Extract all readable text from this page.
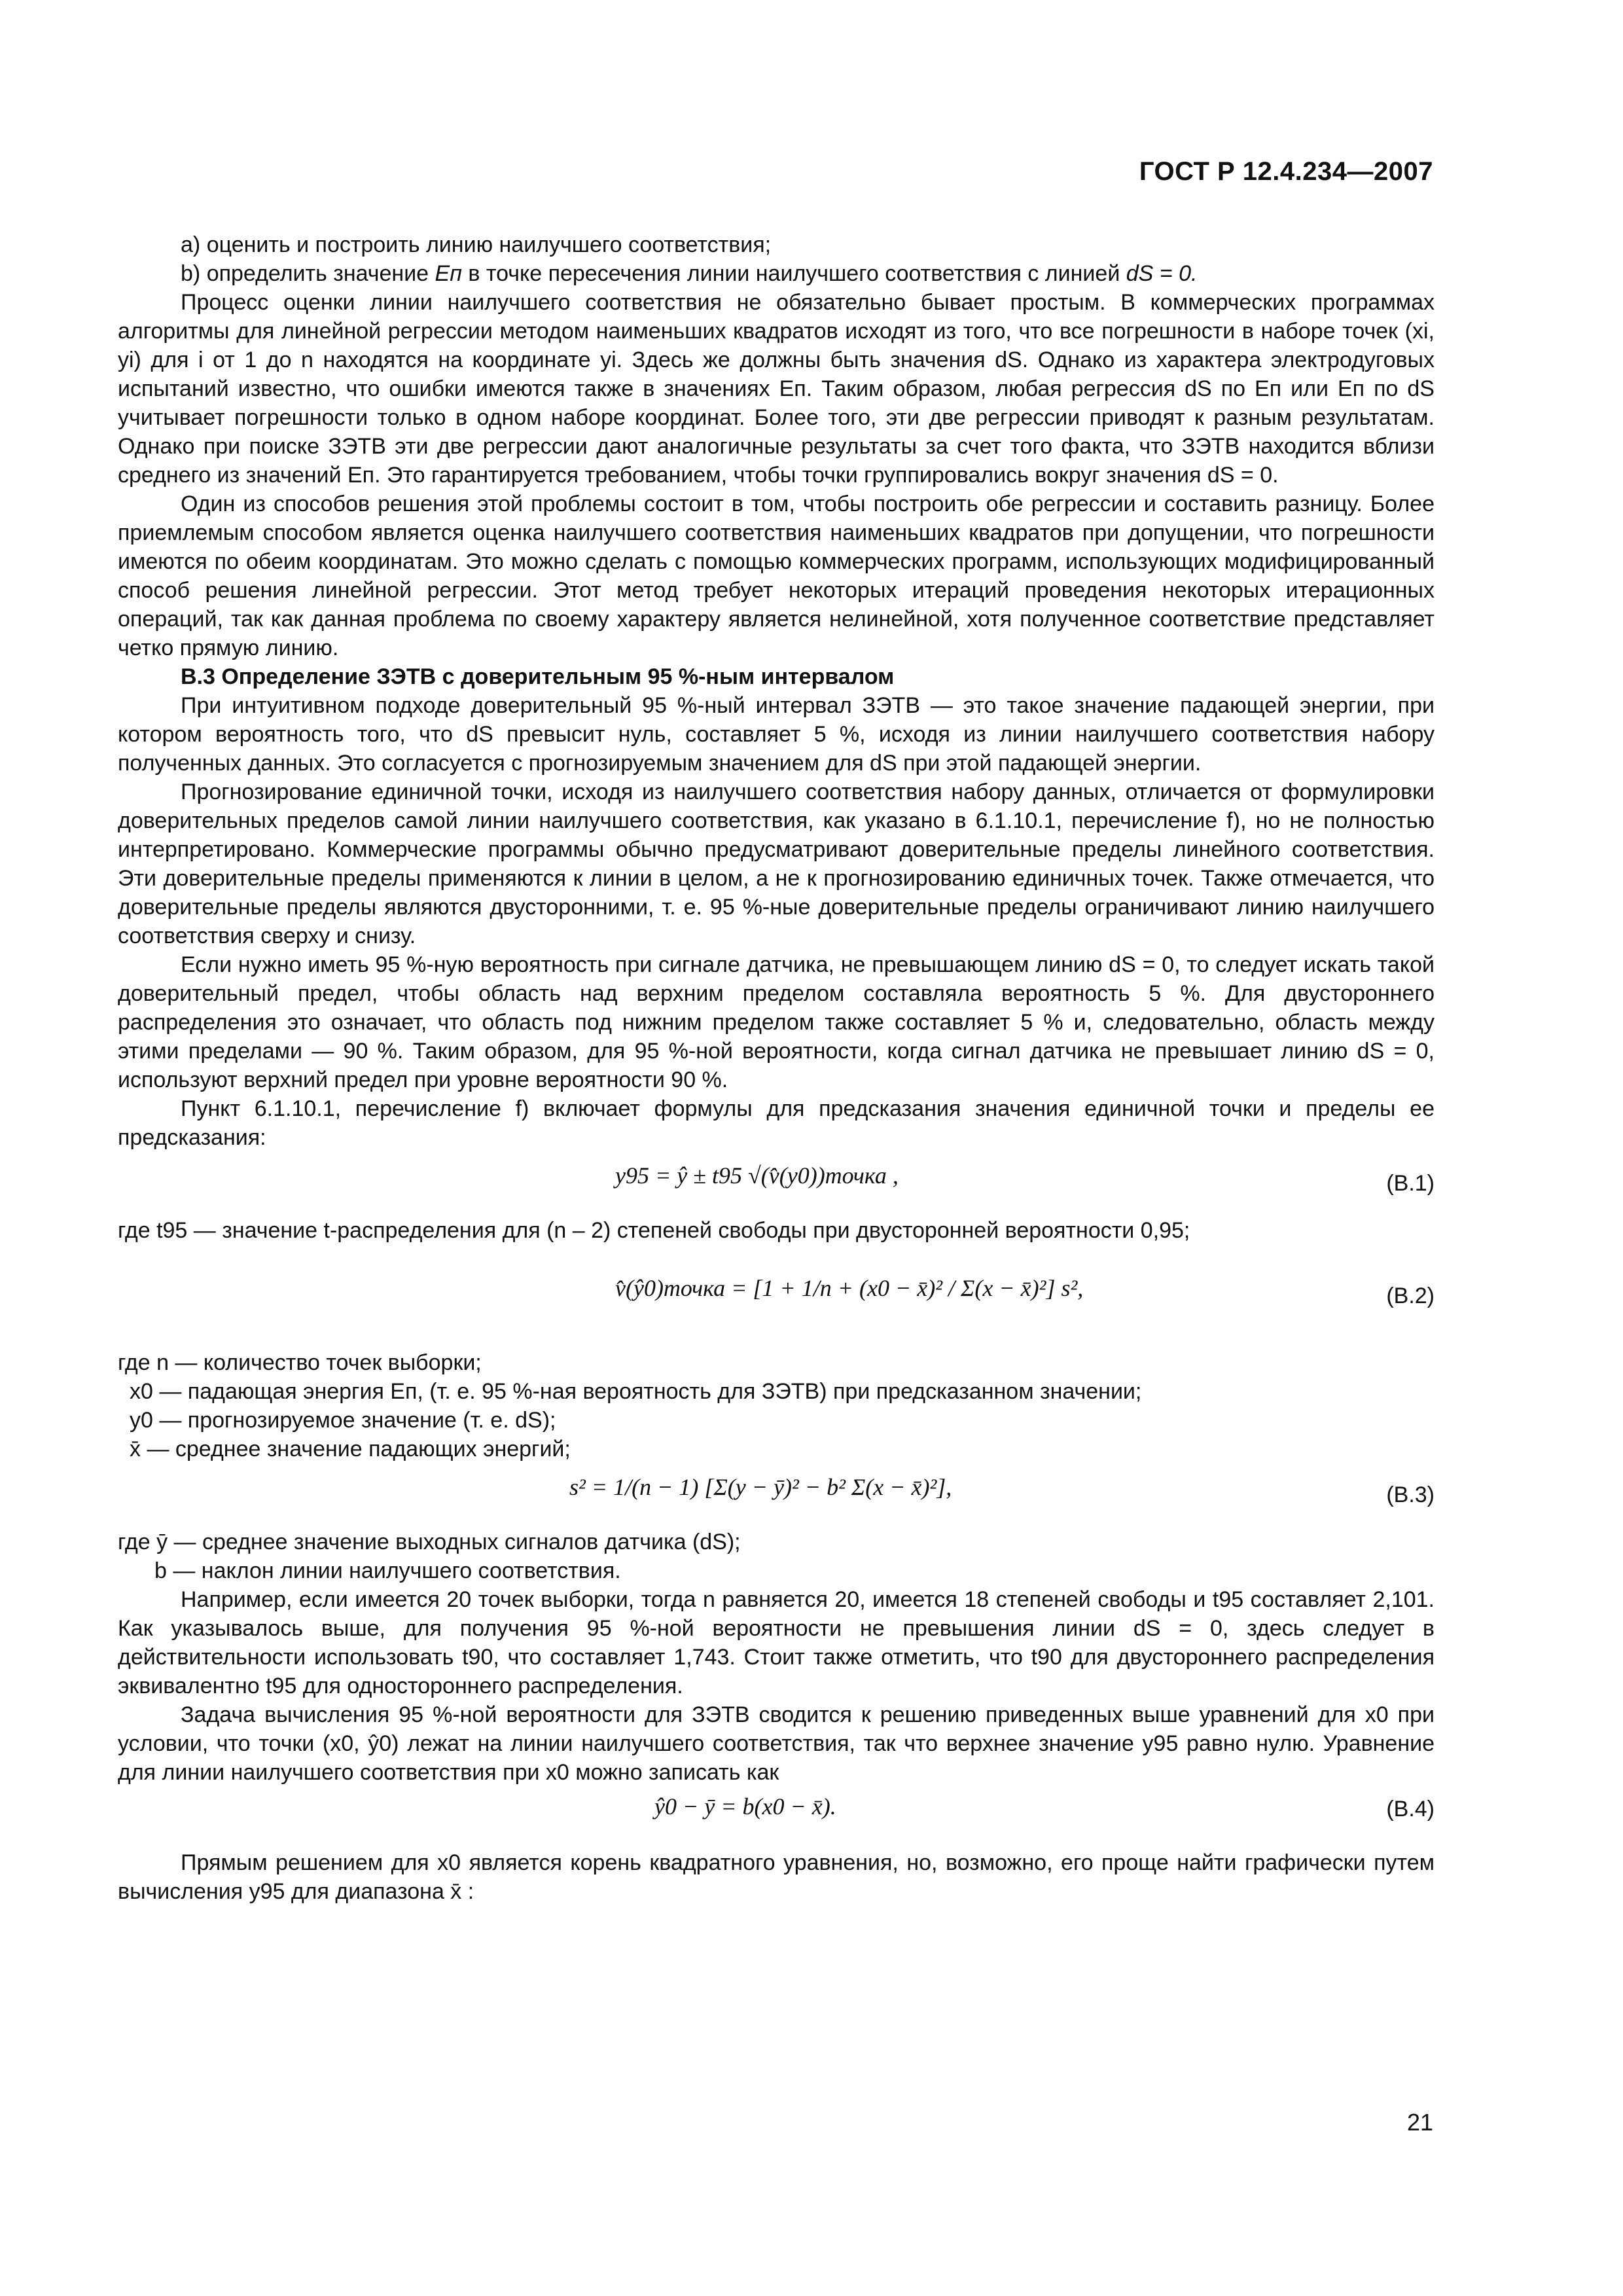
ГОСТ Р 12.4.234—2007

a) оценить и построить линию наилучшего соответствия;

b) определить значение Eп в точке пересечения линии наилучшего соответствия с линией dS = 0.

Процесс оценки линии наилучшего соответствия не обязательно бывает простым. В коммерческих программах алгоритмы для линейной регрессии методом наименьших квадратов исходят из того, что все погрешности в наборе точек (xi, yi) для i от 1 до n находятся на координате yi. Здесь же должны быть значения dS. Однако из характера электродуговых испытаний известно, что ошибки имеются также в значениях Eп. Таким образом, любая регрессия dS по Eп или Eп по dS учитывает погрешности только в одном наборе координат. Более того, эти две регрессии приводят к разным результатам. Однако при поиске ЗЭТВ эти две регрессии дают аналогичные результаты за счет того факта, что ЗЭТВ находится вблизи среднего из значений Eп. Это гарантируется требованием, чтобы точки группировались вокруг значения dS = 0.

Один из способов решения этой проблемы состоит в том, чтобы построить обе регрессии и составить разницу. Более приемлемым способом является оценка наилучшего соответствия наименьших квадратов при допущении, что погрешности имеются по обеим координатам. Это можно сделать с помощью коммерческих программ, использующих модифицированный способ решения линейной регрессии. Этот метод требует некоторых итераций проведения некоторых итерационных операций, так как данная проблема по своему характеру является нелинейной, хотя полученное соответствие представляет четко прямую линию.

В.3 Определение ЗЭТВ с доверительным 95 %-ным интервалом

При интуитивном подходе доверительный 95 %-ный интервал ЗЭТВ — это такое значение падающей энергии, при котором вероятность того, что dS превысит нуль, составляет 5 %, исходя из линии наилучшего соответствия набору полученных данных. Это согласуется с прогнозируемым значением для dS при этой падающей энергии.

Прогнозирование единичной точки, исходя из наилучшего соответствия набору данных, отличается от формулировки доверительных пределов самой линии наилучшего соответствия, как указано в 6.1.10.1, перечисление f), но не полностью интерпретировано. Коммерческие программы обычно предусматривают доверительные пределы линейного соответствия. Эти доверительные пределы применяются к линии в целом, а не к прогнозированию единичных точек. Также отмечается, что доверительные пределы являются двусторонними, т. е. 95 %-ные доверительные пределы ограничивают линию наилучшего соответствия сверху и снизу.

Если нужно иметь 95 %-ную вероятность при сигнале датчика, не превышающем линию dS = 0, то следует искать такой доверительный предел, чтобы область над верхним пределом составляла вероятность 5 %. Для двустороннего распределения это означает, что область под нижним пределом также составляет 5 % и, следовательно, область между этими пределами — 90 %. Таким образом, для 95 %-ной вероятности, когда сигнал датчика не превышает линию dS = 0, используют верхний предел при уровне вероятности 90 %.

Пункт 6.1.10.1, перечисление f) включает формулы для предсказания значения единичной точки и пределы ее предсказания:

y95 = ŷ ± t95 √(v̂(y0))точка ,	(B.1)

где t95 — значение t-распределения для (n – 2) степеней свободы при двусторонней вероятности 0,95;

v̂(ŷ0)точка = [1 + 1/n + (x0 − x̄)² / Σ(x − x̄)²] s²,	(B.2)

где n — количество точек выборки;

x0 — падающая энергия Eп, (т. е. 95 %-ная вероятность для ЗЭТВ) при предсказанном значении;

y0 — прогнозируемое значение (т. е. dS);

x̄ — среднее значение падающих энергий;

s² = 1/(n − 1) [Σ(y − ȳ)² − b² Σ(x − x̄)²],	(B.3)

где ȳ — среднее значение выходных сигналов датчика (dS);

b — наклон линии наилучшего соответствия.

Например, если имеется 20 точек выборки, тогда n равняется 20, имеется 18 степеней свободы и t95 составляет 2,101. Как указывалось выше, для получения 95 %-ной вероятности не превышения линии dS = 0, здесь следует в действительности использовать t90, что составляет 1,743. Стоит также отметить, что t90 для двустороннего распределения эквивалентно t95 для одностороннего распределения.

Задача вычисления 95 %-ной вероятности для ЗЭТВ сводится к решению приведенных выше уравнений для x0 при условии, что точки (x0, ŷ0) лежат на линии наилучшего соответствия, так что верхнее значение y95 равно нулю. Уравнение для линии наилучшего соответствия при x0 можно записать как

ŷ0 − ȳ = b(x0 − x̄).	(B.4)

Прямым решением для x0 является корень квадратного уравнения, но, возможно, его проще найти графически путем вычисления y95 для диапазона x̄ :

21
